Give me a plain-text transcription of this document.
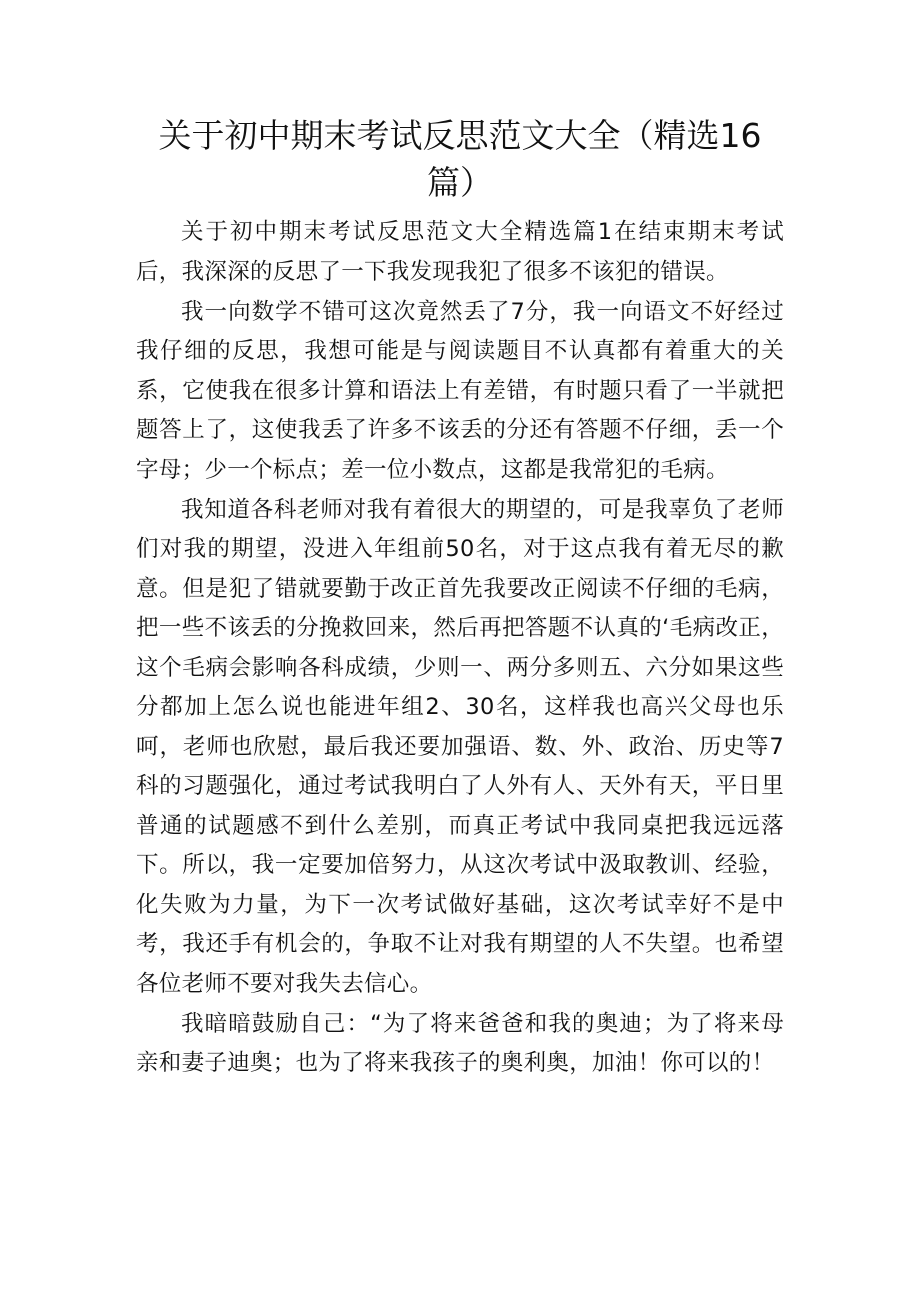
关于初中期末考试反思范文大全（精选16篇）

关于初中期末考试反思范文大全精选篇1在结束期末考试后，我深深的反思了一下我发现我犯了很多不该犯的错误。

我一向数学不错可这次竟然丢了7分，我一向语文不好经过我仔细的反思，我想可能是与阅读题目不认真都有着重大的关系，它使我在很多计算和语法上有差错，有时题只看了一半就把题答上了，这使我丢了许多不该丢的分还有答题不仔细，丢一个字母；少一个标点；差一位小数点，这都是我常犯的毛病。

我知道各科老师对我有着很大的期望的，可是我辜负了老师们对我的期望，没进入年组前50名，对于这点我有着无尽的歉意。但是犯了错就要勤于改正首先我要改正阅读不仔细的毛病，把一些不该丢的分挽救回来，然后再把答题不认真的‘毛病改正，这个毛病会影响各科成绩，少则一、两分多则五、六分如果这些分都加上怎么说也能进年组2、30名，这样我也高兴父母也乐呵，老师也欣慰，最后我还要加强语、数、外、政治、历史等7科的习题强化，通过考试我明白了人外有人、天外有天，平日里普通的试题感不到什么差别，而真正考试中我同桌把我远远落下。所以，我一定要加倍努力，从这次考试中汲取教训、经验，化失败为力量，为下一次考试做好基础，这次考试幸好不是中考，我还手有机会的，争取不让对我有期望的人不失望。也希望各位老师不要对我失去信心。

我暗暗鼓励自己：“为了将来爸爸和我的奥迪；为了将来母亲和妻子迪奥；也为了将来我孩子的奥利奥，加油！你可以的！
